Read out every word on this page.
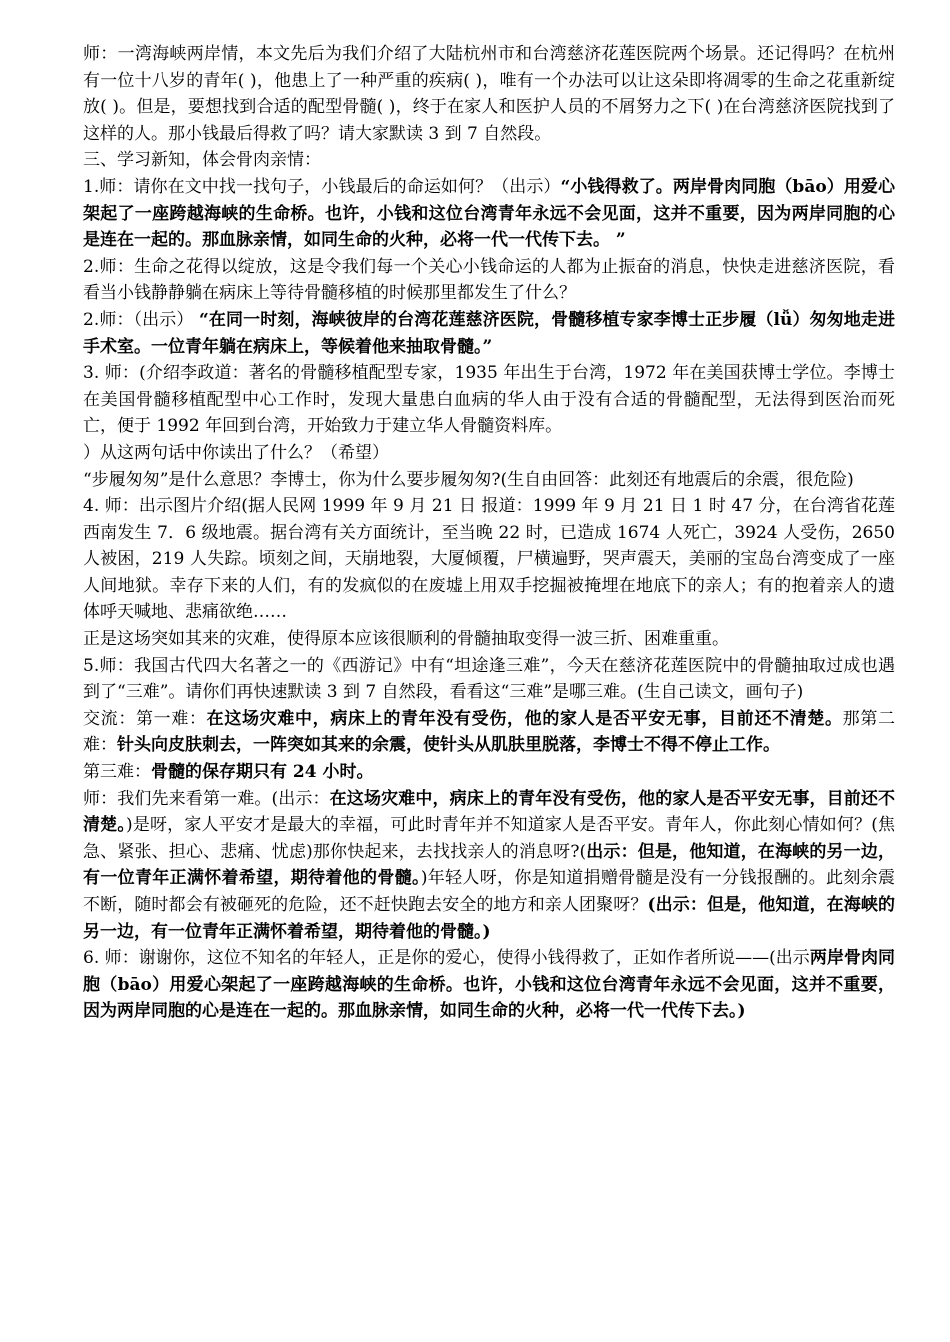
师：一湾海峡两岸情，本文先后为我们介绍了大陆杭州市和台湾慈济花莲医院两个场景。还记得吗？在杭州有一位十八岁的青年( )，他患上了一种严重的疾病( )，唯有一个办法可以让这朵即将凋零的生命之花重新绽放( )。但是，要想找到合适的配型骨髓( )，终于在家人和医护人员的不屑努力之下( )在台湾慈济医院找到了这样的人。那小钱最后得救了吗？请大家默读 3 到 7 自然段。

三、学习新知，体会骨肉亲情：

1.师：请你在文中找一找句子，小钱最后的命运如何？（出示）“小钱得救了。两岸骨肉同胞（bāo）用爱心架起了一座跨越海峡的生命桥。也许，小钱和这位台湾青年永远不会见面，这并不重要，因为两岸同胞的心是连在一起的。那血脉亲情，如同生命的火种，必将一代一代传下去。 ”

2.师：生命之花得以绽放，这是令我们每一个关心小钱命运的人都为止振奋的消息，快快走进慈济医院，看看当小钱静静躺在病床上等待骨髓移植的时候那里都发生了什么？

2.师：（出示） “在同一时刻，海峡彼岸的台湾花莲慈济医院，骨髓移植专家李博士正步履（lǚ）匆匆地走进手术室。一位青年躺在病床上，等候着他来抽取骨髓。”

3. 师：(介绍李政道：著名的骨髓移植配型专家，1935 年出生于台湾，1972 年在美国获博士学位。李博士在美国骨髓移植配型中心工作时，发现大量患白血病的华人由于没有合适的骨髓配型，无法得到医治而死亡，便于 1992 年回到台湾，开始致力于建立华人骨髓资料库。

）从这两句话中你读出了什么？（希望）

“步履匆匆”是什么意思？李博士，你为什么要步履匆匆?(生自由回答：此刻还有地震后的余震，很危险)

4. 师：出示图片介绍(据人民网 1999 年 9 月 21 日 报道：1999 年 9 月 21 日 1 时 47 分，在台湾省花莲西南发生 7．6 级地震。据台湾有关方面统计，至当晚 22 时，已造成 1674 人死亡，3924 人受伤，2650 人被困，219 人失踪。顷刻之间，天崩地裂，大厦倾覆，尸横遍野，哭声震天，美丽的宝岛台湾变成了一座人间地狱。幸存下来的人们，有的发疯似的在废墟上用双手挖掘被掩埋在地底下的亲人；有的抱着亲人的遗体呼天喊地、悲痛欲绝……

正是这场突如其来的灾难，使得原本应该很顺利的骨髓抽取变得一波三折、困难重重。

5.师：我国古代四大名著之一的《西游记》中有“坦途逢三难”，今天在慈济花莲医院中的骨髓抽取过成也遇到了“三难”。请你们再快速默读 3 到 7 自然段，看看这“三难”是哪三难。(生自己读文，画句子)

交流：第一难：在这场灾难中，病床上的青年没有受伤，他的家人是否平安无事，目前还不清楚。那第二难：针头向皮肤刺去，一阵突如其来的余震，使针头从肌肤里脱落，李博士不得不停止工作。

第三难：骨髓的保存期只有 24 小时。

师：我们先来看第一难。(出示：在这场灾难中，病床上的青年没有受伤，他的家人是否平安无事，目前还不清楚。)是呀，家人平安才是最大的幸福，可此时青年并不知道家人是否平安。青年人，你此刻心情如何？(焦急、紧张、担心、悲痛、忧虑)那你快起来，去找找亲人的消息呀?(出示：但是，他知道，在海峡的另一边，有一位青年正满怀着希望，期待着他的骨髓。)年轻人呀，你是知道捐赠骨髓是没有一分钱报酬的。此刻余震不断，随时都会有被砸死的危险，还不赶快跑去安全的地方和亲人团聚呀？(出示：但是，他知道，在海峡的另一边，有一位青年正满怀着希望，期待着他的骨髓。)

6. 师：谢谢你，这位不知名的年轻人，正是你的爱心，使得小钱得救了，正如作者所说——(出示两岸骨肉同胞（bāo）用爱心架起了一座跨越海峡的生命桥。也许，小钱和这位台湾青年永远不会见面，这并不重要，因为两岸同胞的心是连在一起的。那血脉亲情，如同生命的火种，必将一代一代传下去。)
